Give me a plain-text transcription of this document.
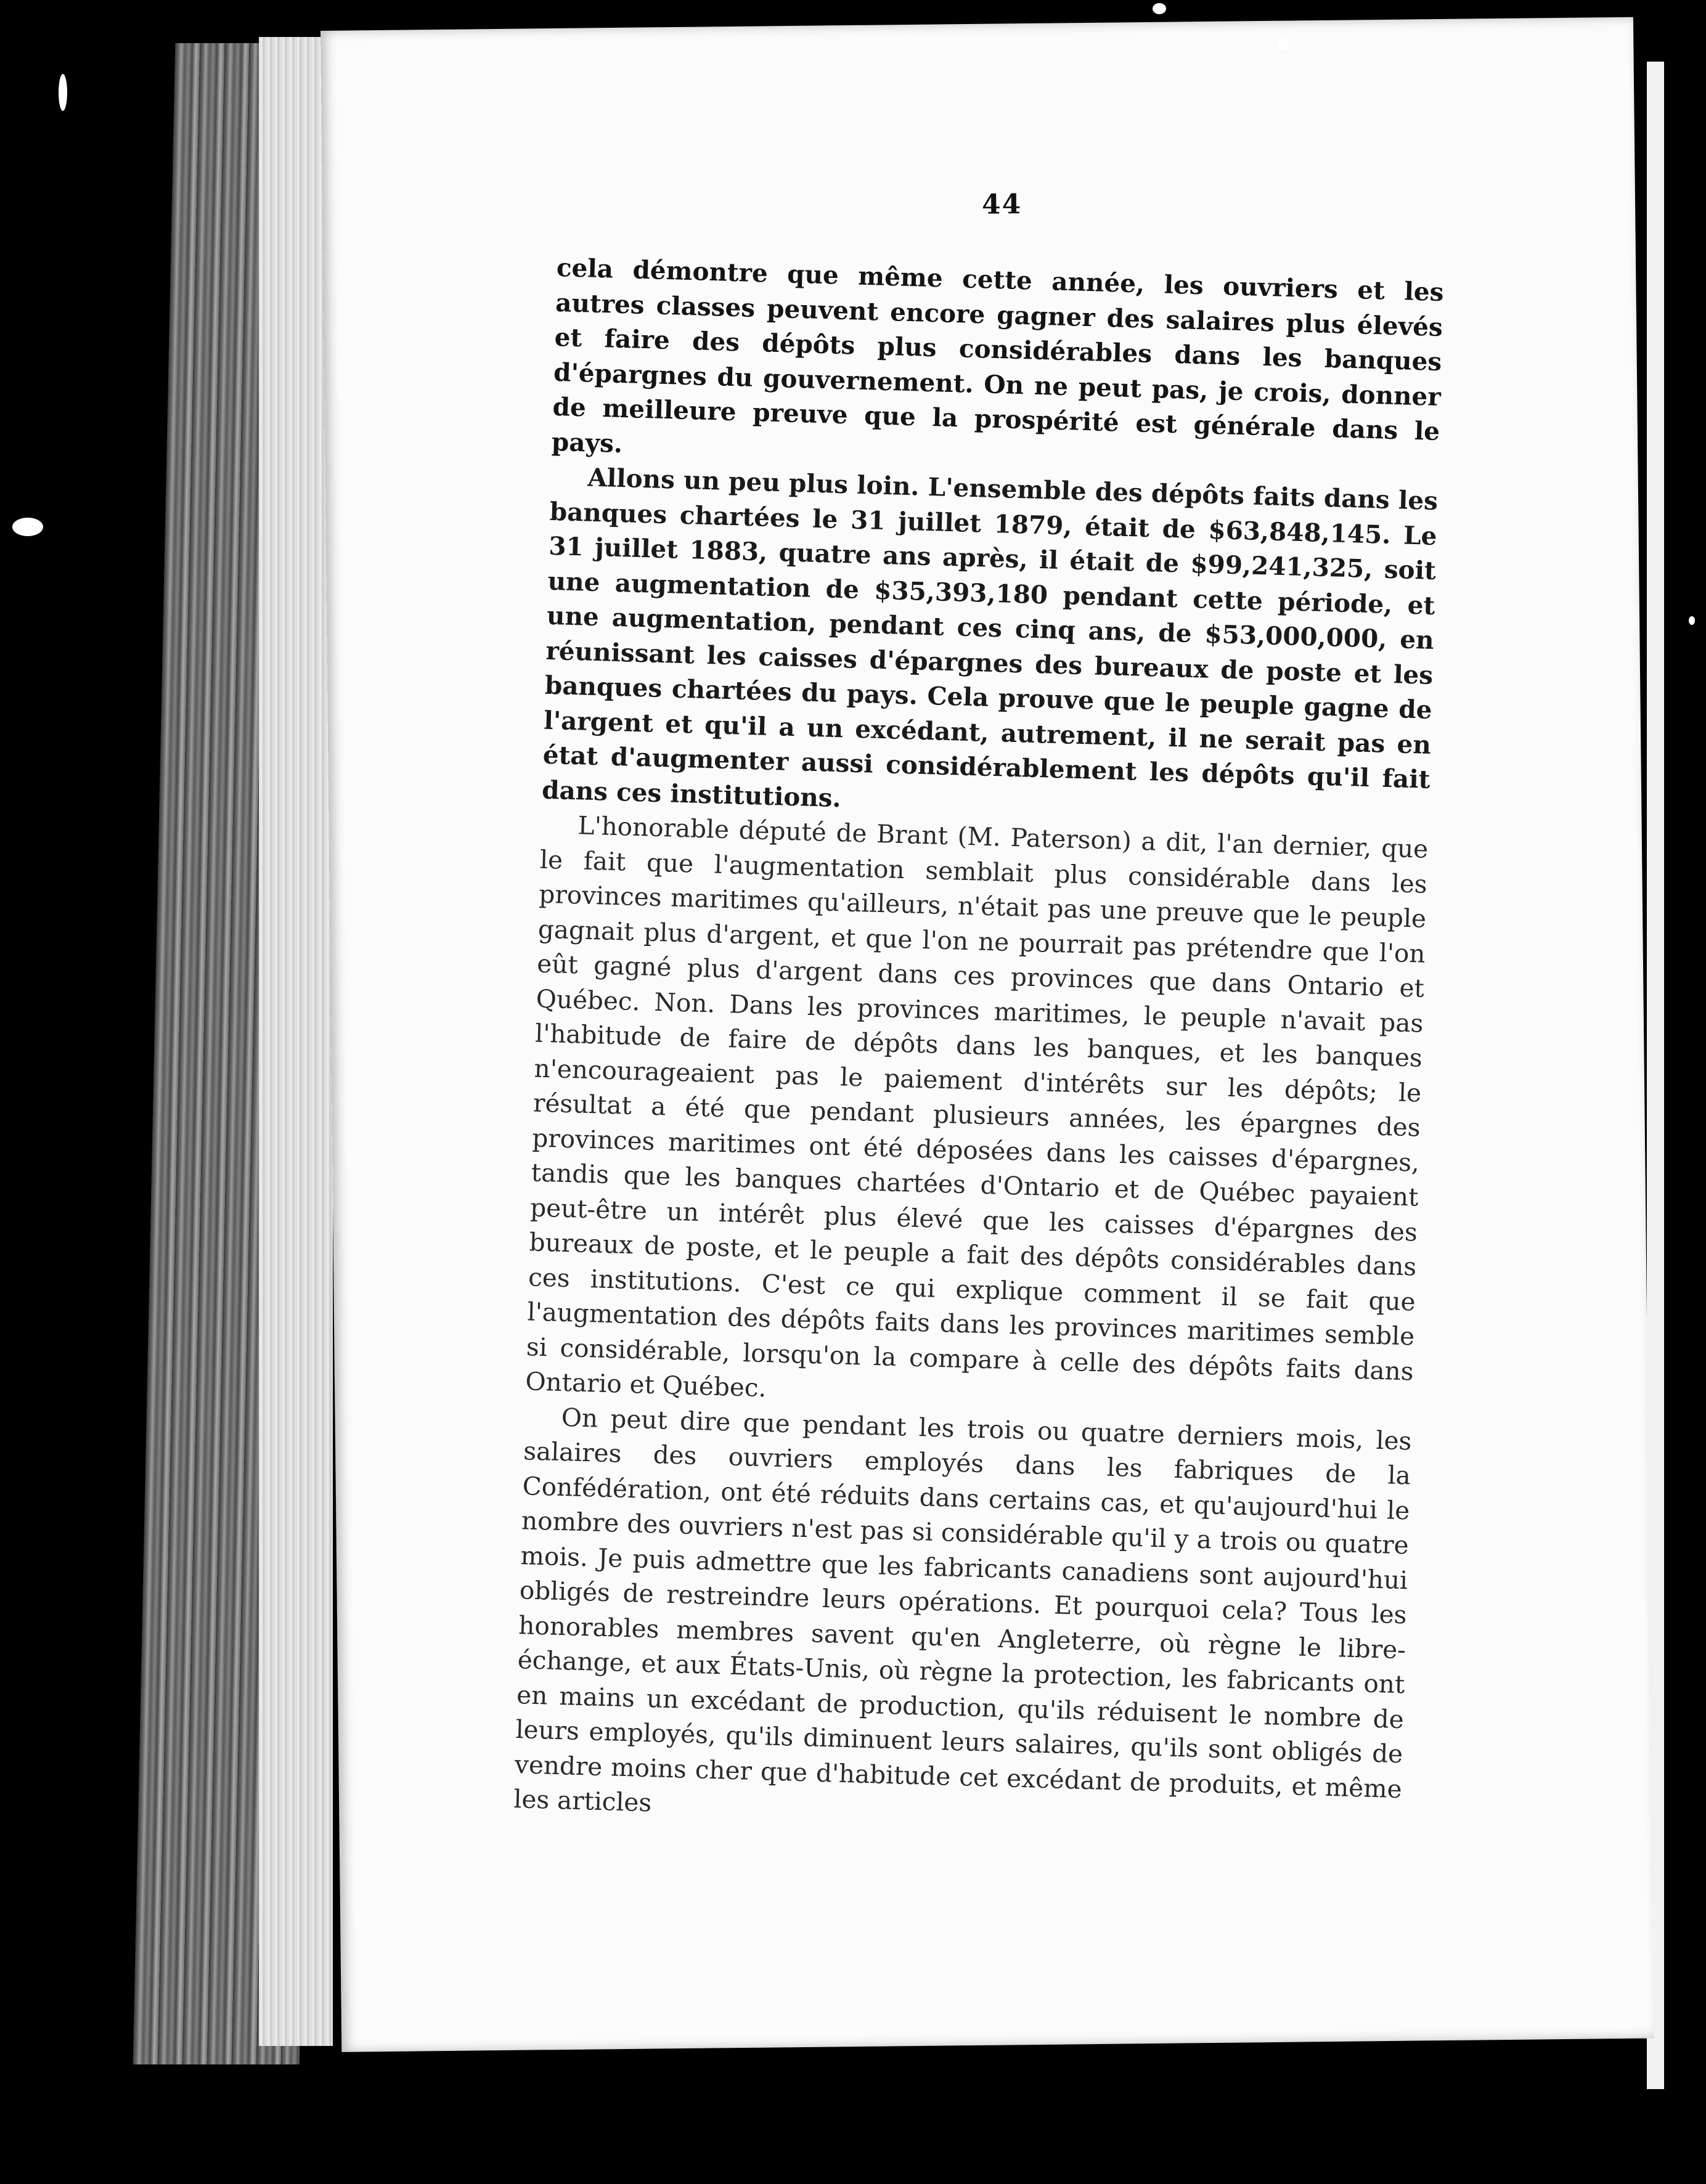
44

cela démontre que même cette année, les ouvriers et les autres classes peuvent encore gagner des salaires plus élevés et faire des dépôts plus considérables dans les banques d'épargnes du gouvernement. On ne peut pas, je crois, donner de meilleure preuve que la prospérité est générale dans le pays.

Allons un peu plus loin. L'ensemble des dépôts faits dans les banques chartées le 31 juillet 1879, était de $63,848,145. Le 31 juillet 1883, quatre ans après, il était de $99,241,325, soit une augmentation de $35,393,180 pendant cette période, et une augmentation, pendant ces cinq ans, de $53,000,000, en réunissant les caisses d'épargnes des bureaux de poste et les banques chartées du pays. Cela prouve que le peuple gagne de l'argent et qu'il a un excédant, autrement, il ne serait pas en état d'augmenter aussi considérablement les dépôts qu'il fait dans ces institutions.

L'honorable député de Brant (M. Paterson) a dit, l'an dernier, que le fait que l'augmentation semblait plus considérable dans les provinces maritimes qu'ailleurs, n'était pas une preuve que le peuple gagnait plus d'argent, et que l'on ne pourrait pas prétendre que l'on eût gagné plus d'argent dans ces provinces que dans Ontario et Québec. Non. Dans les provinces maritimes, le peuple n'avait pas l'habitude de faire de dépôts dans les banques, et les banques n'encourageaient pas le paiement d'intérêts sur les dépôts; le résultat a été que pendant plusieurs années, les épargnes des provinces maritimes ont été déposées dans les caisses d'épargnes, tandis que les banques chartées d'Ontario et de Québec payaient peut-être un intérêt plus élevé que les caisses d'épargnes des bureaux de poste, et le peuple a fait des dépôts considérables dans ces institutions. C'est ce qui explique comment il se fait que l'augmentation des dépôts faits dans les provinces maritimes semble si considérable, lorsqu'on la compare à celle des dépôts faits dans Ontario et Québec.

On peut dire que pendant les trois ou quatre derniers mois, les salaires des ouvriers employés dans les fabriques de la Confédération, ont été réduits dans certains cas, et qu'aujourd'hui le nombre des ouvriers n'est pas si considérable qu'il y a trois ou quatre mois. Je puis admettre que les fabricants canadiens sont aujourd'hui obligés de restreindre leurs opérations. Et pourquoi cela? Tous les honorables membres savent qu'en Angleterre, où règne le libre-échange, et aux États-Unis, où règne la protection, les fabricants ont en mains un excédant de production, qu'ils réduisent le nombre de leurs employés, qu'ils diminuent leurs salaires, qu'ils sont obligés de vendre moins cher que d'habitude cet excédant de produits, et même les articles
